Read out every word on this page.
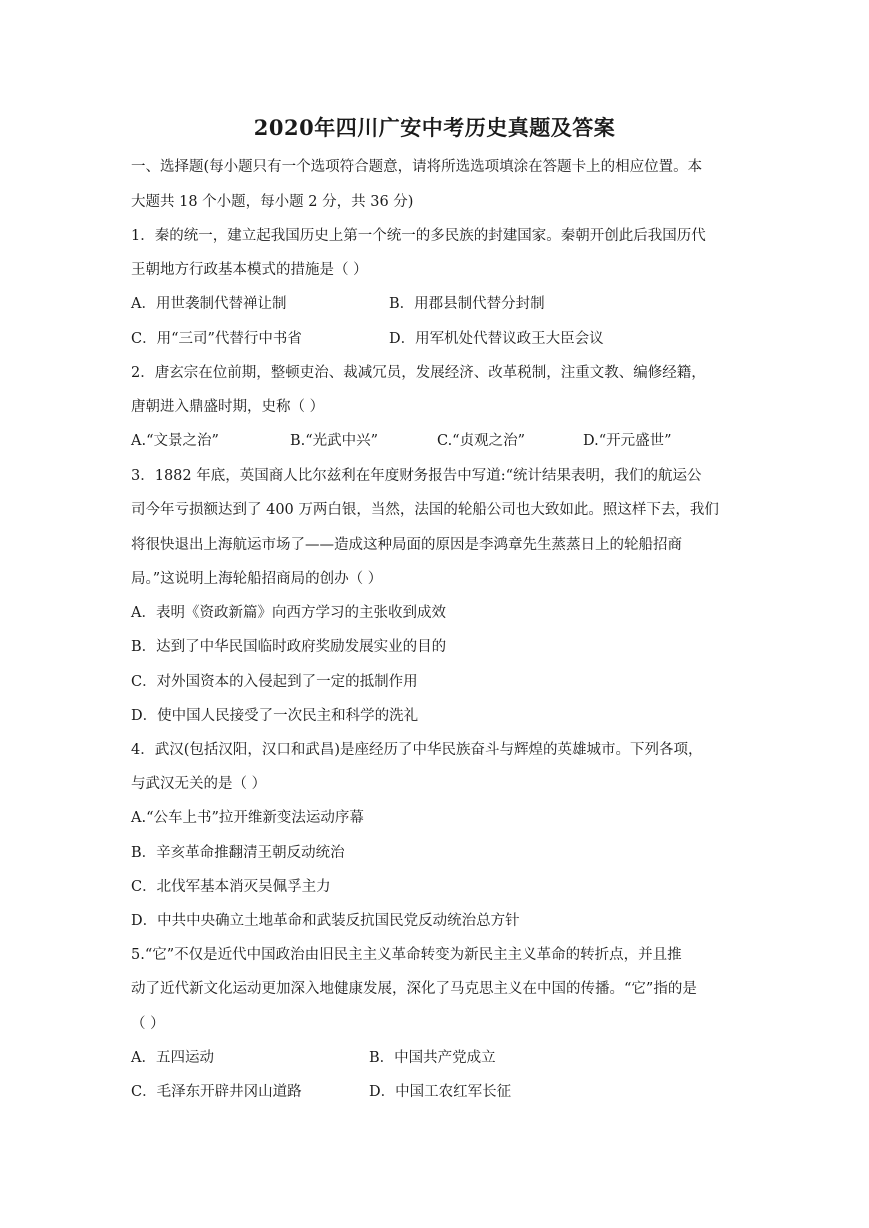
2020年四川广安中考历史真题及答案
一、选择题(每小题只有一个选项符合题意，请将所选选项填涂在答题卡上的相应位置。本
大题共 18 个小题，每小题 2 分，共 36 分)
1．秦的统一，建立起我国历史上第一个统一的多民族的封建国家。秦朝开创此后我国历代
王朝地方行政基本模式的措施是（ ）
A．用世袭制代替禅让制	B．用郡县制代替分封制
C．用“三司”代替行中书省	D．用军机处代替议政王大臣会议
2．唐玄宗在位前期，整顿吏治、裁减冗员，发展经济、改革税制，注重文教、编修经籍，
唐朝进入鼎盛时期，史称（ ）
A.“文景之治”	B.“光武中兴”	C.“贞观之治”	D.“开元盛世”
3．1882 年底，英国商人比尔兹利在年度财务报告中写道:“统计结果表明，我们的航运公
司今年亏损额达到了 400 万两白银，当然，法国的轮船公司也大致如此。照这样下去，我们
将很快退出上海航运市场了——造成这种局面的原因是李鸿章先生蒸蒸日上的轮船招商
局。”这说明上海轮船招商局的创办（ ）
A．表明《资政新篇》向西方学习的主张收到成效
B．达到了中华民国临时政府奖励发展实业的目的
C．对外国资本的入侵起到了一定的抵制作用
D．使中国人民接受了一次民主和科学的洗礼
4．武汉(包括汉阳，汉口和武昌)是座经历了中华民族奋斗与辉煌的英雄城市。下列各项，
与武汉无关的是（ ）
A.“公车上书”拉开维新变法运动序幕
B．辛亥革命推翻清王朝反动统治
C．北伐军基本消灭吴佩孚主力
D．中共中央确立土地革命和武装反抗国民党反动统治总方针
5.“它”不仅是近代中国政治由旧民主主义革命转变为新民主主义革命的转折点，并且推
动了近代新文化运动更加深入地健康发展，深化了马克思主义在中国的传播。“它”指的是
（ ）
A．五四运动	B．中国共产党成立
C．毛泽东开辟井冈山道路	D．中国工农红军长征
